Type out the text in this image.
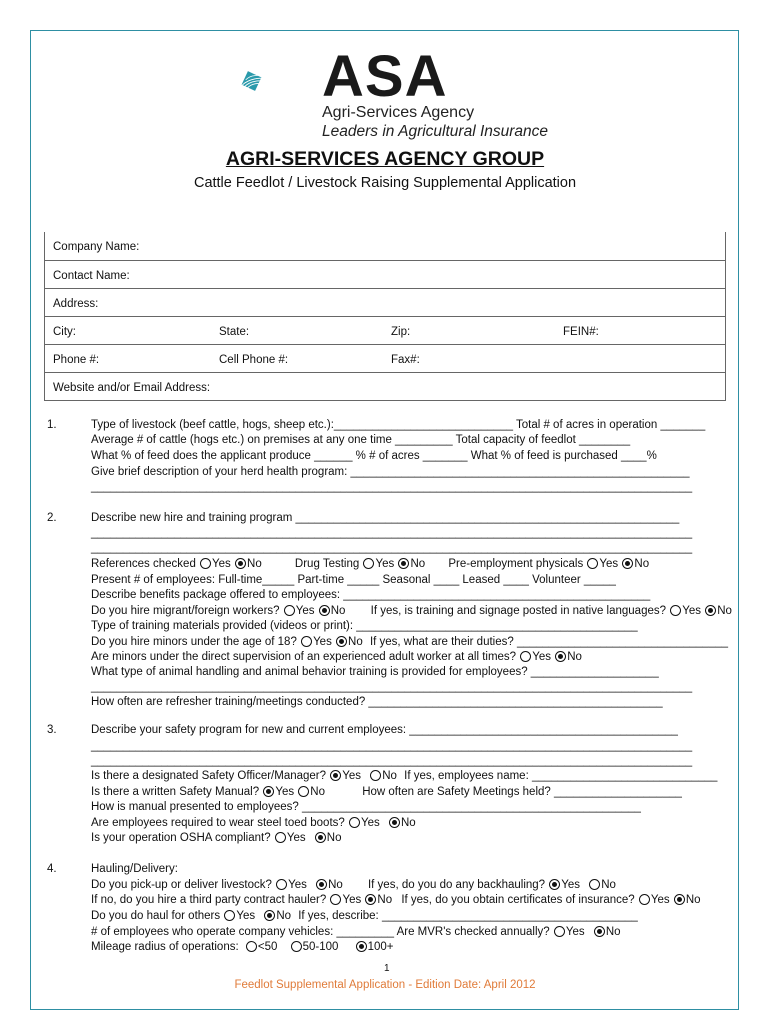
ASA
Agri-Services Agency
Leaders in Agricultural Insurance
AGRI-SERVICES AGENCY GROUP
Cattle Feedlot / Livestock Raising Supplemental Application
Company Name:
Contact Name:
Address:
City:	State:	Zip:	FEIN#:
Phone #:	Cell Phone #:	Fax#:
Website and/or Email Address:
1.	Type of livestock (beef cattle, hogs, sheep etc.):____________________________ Total # of acres in operation _______
Average # of cattle (hogs etc.) on premises at any one time _________ Total capacity of feedlot ________
What % of feed does the applicant produce ______ % # of acres _______ What % of feed is purchased ____%
Give brief description of your herd health program: _____________________________________________________
______________________________________________________________________________________________
2.	Describe new hire and training program ____________________________________________________________
______________________________________________________________________________________________
______________________________________________________________________________________________
References checked Yes No	Drug Testing Yes No Pre-employment physicals Yes No
Present # of employees: Full-time_____ Part-time _____ Seasonal ____ Leased ____ Volunteer _____
Describe benefits package offered to employees: ________________________________________________
Do you hire migrant/foreign workers? Yes No If yes, is training and signage posted in native languages? Yes No
Type of training materials provided (videos or print): ____________________________________________
Do you hire minors under the age of 18? Yes No If yes, what are their duties? _________________________________
Are minors under the direct supervision of an experienced adult worker at all times? Yes No
What type of animal handling and animal behavior training is provided for employees? ____________________
______________________________________________________________________________________________
How often are refresher training/meetings conducted? ______________________________________________
3.	Describe your safety program for new and current employees: __________________________________________
______________________________________________________________________________________________
______________________________________________________________________________________________
Is there a designated Safety Officer/Manager? Yes No If yes, employees name: _____________________________
Is there a written Safety Manual? Yes No	How often are Safety Meetings held? ____________________
How is manual presented to employees? _____________________________________________________
Are employees required to wear steel toed boots? Yes No
Is your operation OSHA compliant? Yes No
4.	Hauling/Delivery:
Do you pick-up or deliver livestock? Yes No If yes, do you do any backhauling? Yes No
If no, do you hire a third party contract hauler? Yes No If yes, do you obtain certificates of insurance? Yes No
Do you do haul for others Yes No If yes, describe: ________________________________________
# of employees who operate company vehicles: _________ Are MVR's checked annually? Yes No
Mileage radius of operations: <50 50-100	100+
1
Feedlot Supplemental Application - Edition Date: April 2012
